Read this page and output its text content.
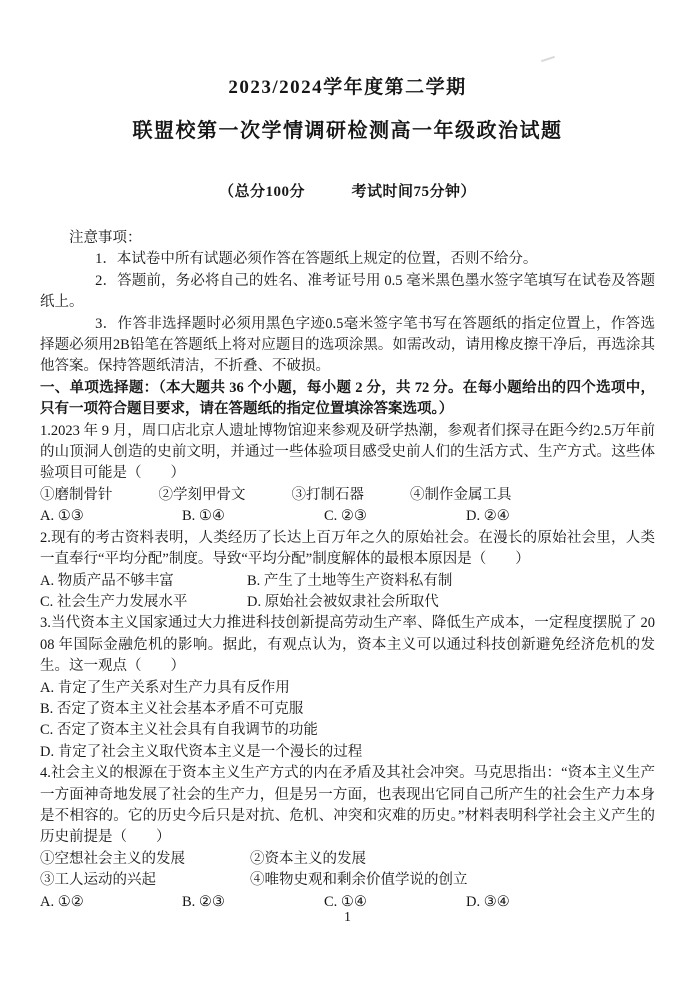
2023/2024学年度第二学期
联盟校第一次学情调研检测高一年级政治试题

（总分100分　　　考试时间75分钟）

注意事项：

1．本试卷中所有试题必须作答在答题纸上规定的位置，否则不给分。

2．答题前，务必将自己的姓名、准考证号用 0.5 毫米黑色墨水签字笔填写在试卷及答题纸上。

3．作答非选择题时必须用黑色字迹0.5毫米签字笔书写在答题纸的指定位置上，作答选择题必须用2B铅笔在答题纸上将对应题目的选项涂黑。如需改动，请用橡皮擦干净后，再选涂其他答案。保持答题纸清洁，不折叠、不破损。

一、单项选择题：（本大题共 36 个小题，每小题 2 分，共 72 分。在每小题给出的四个选项中，只有一项符合题目要求，请在答题纸的指定位置填涂答案选项。）

1.2023 年 9 月，周口店北京人遗址博物馆迎来参观及研学热潮，参观者们探寻在距今约2.5万年前的山顶洞人创造的史前文明，并通过一些体验项目感受史前人们的生活方式、生产方式。这些体验项目可能是（　　）

①磨制骨针	②学刻甲骨文	③打制石器	④制作金属工具
A. ①③	B. ①④	C. ②③	D. ②④

2.现有的考古资料表明，人类经历了长达上百万年之久的原始社会。在漫长的原始社会里，人类一直奉行“平均分配”制度。导致“平均分配”制度解体的最根本原因是（　　）

A. 物质产品不够丰富	B. 产生了土地等生产资料私有制
C. 社会生产力发展水平	D. 原始社会被奴隶社会所取代

3.当代资本主义国家通过大力推进科技创新提高劳动生产率、降低生产成本，一定程度摆脱了 2008 年国际金融危机的影响。据此，有观点认为，资本主义可以通过科技创新避免经济危机的发生。这一观点（　　）

A. 肯定了生产关系对生产力具有反作用

B. 否定了资本主义社会基本矛盾不可克服

C. 否定了资本主义社会具有自我调节的功能

D. 肯定了社会主义取代资本主义是一个漫长的过程

4.社会主义的根源在于资本主义生产方式的内在矛盾及其社会冲突。马克思指出：“资本主义生产一方面神奇地发展了社会的生产力，但是另一方面，也表现出它同自己所产生的社会生产力本身是不相容的。它的历史今后只是对抗、危机、冲突和灾难的历史。”材料表明科学社会主义产生的历史前提是（　　）

①空想社会主义的发展	②资本主义的发展
③工人运动的兴起	④唯物史观和剩余价值学说的创立
A. ①②	B. ②③	C. ①④	D. ③④
1
